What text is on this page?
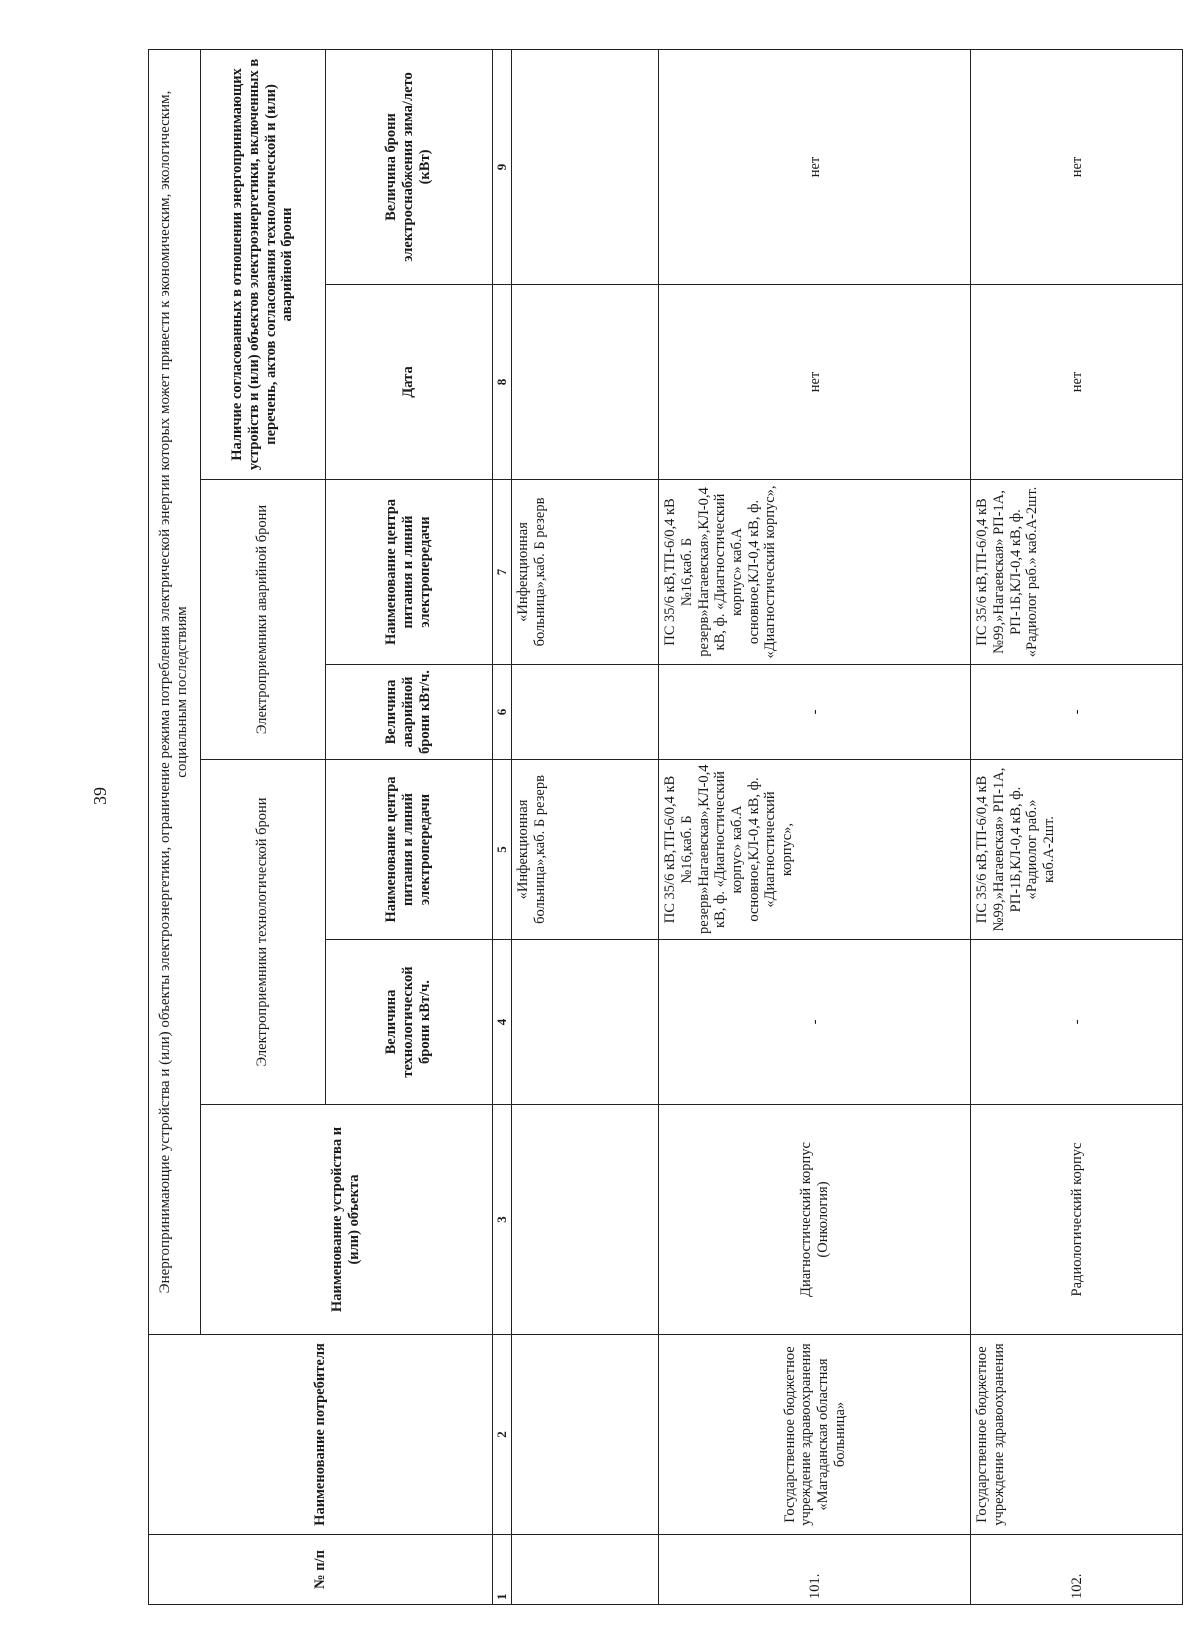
39
№ п/п	Наименование потребителя	Энергопринимающие устройства и (или) объекты электроэнергетики, ограничение режима потребления электрической энергии которых может привести к экономическим, экологическим, социальным последствиям						
		Наименование устройства и (или) объекта	Электроприемники технологической брони		Электроприемники аварийной брони		Наличие согласованных в отношении энергопринимающих устройств и (или) объектов электроэнергетики, включенных в перечень, актов согласования технологической и (или) аварийной брони	
			Величина технологической брони кВт/ч.	Наименование центра питания и линий электропередачи	Величина аварийной брони кВт/ч.	Наименование центра питания и линий электропередачи	Дата	Величина брони электроснабжения зима/лето (кВт)
1	2	3	4	5	6	7	8	9
				«Инфекционная больница»,каб. Б резерв		«Инфекционная больница»,каб. Б резерв		
101.	Государственное бюджетное учреждение здравоохранения «Магаданская областная больница»	Диагностический корпус (Онкология)	-	ПС 35/6 кВ,ТП-6/0,4 кВ №16,каб. Б резерв»Нагаевская»,КЛ-0,4 кВ, ф. «Диагностический корпус» каб.А основное,КЛ-0,4 кВ, ф. «Диагностический корпус»,	-	ПС 35/6 кВ,ТП-6/0,4 кВ №16,каб. Б резерв»Нагаевская»,КЛ-0,4 кВ, ф. «Диагностический корпус» каб.А основное,КЛ-0,4 кВ, ф. «Диагностический корпус»,	нет	нет
102.	Государственное бюджетное учреждение здравоохранения	Радиологический корпус	-	ПС 35/6 кВ,ТП-6/0,4 кВ №99,»Нагаевская» РП-1А, РП-1Б,КЛ-0,4 кВ, ф. «Радиолог раб.» каб.А-2шт.	-	ПС 35/6 кВ,ТП-6/0,4 кВ №99,»Нагаевская» РП-1А, РП-1Б,КЛ-0,4 кВ, ф. «Радиолог раб.» каб.А-2шт.	нет	нет
